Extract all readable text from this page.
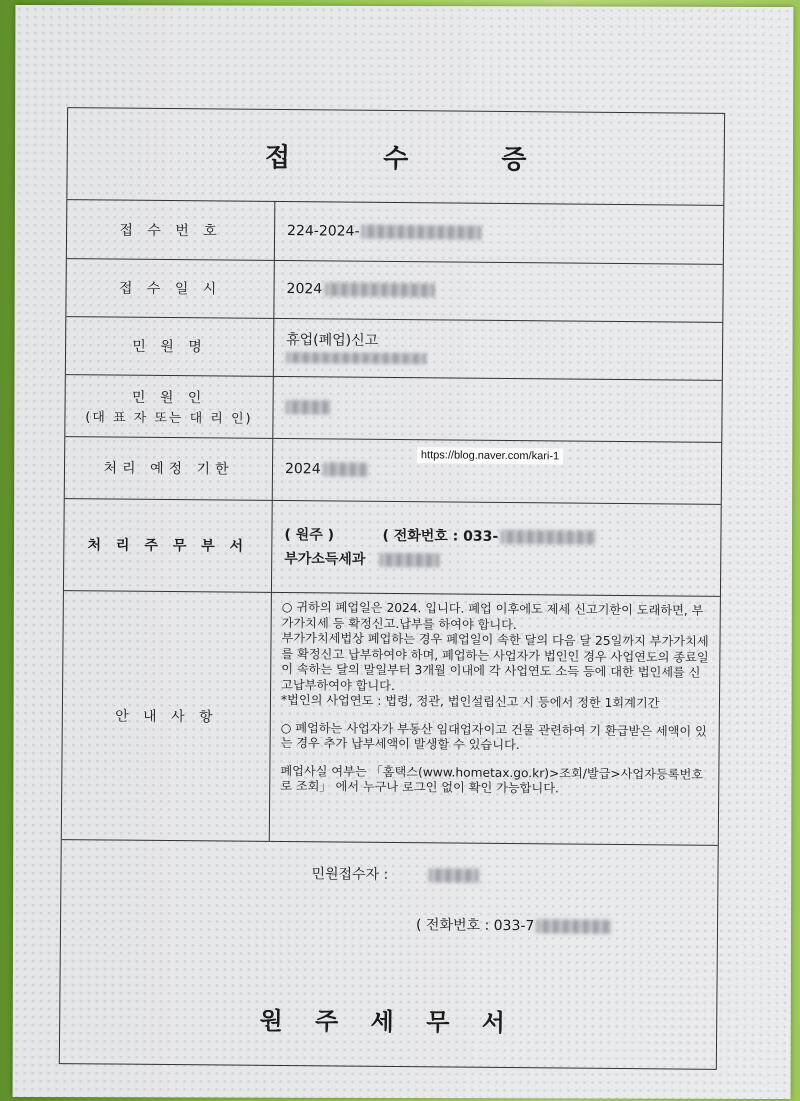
접 수 증
접 수 번 호	224-2024-
접 수 일 시	2024
민 원 명	휴업(폐업)신고
민 원 인
(대 표 자 또는 대 리 인)
처리 예정 기한	2024
https://blog.naver.com/kari-1
처 리 주 무 부 서
( 원주 )	( 전화번호 : 033-
부가소득세과
안 내 사 항

○ 귀하의 폐업일은 2024. 입니다. 폐업 이후에도 제세 신고기한이 도래하면, 부가가치세 등 확정신고.납부를 하여야 합니다.

부가가치세법상 폐업하는 경우 폐업일이 속한 달의 다음 달 25일까지 부가가치세를 확정신고 납부하여야 하며, 폐업하는 사업자가 법인인 경우 사업연도의 종료일이 속하는 달의 말일부터 3개월 이내에 각 사업연도 소득 등에 대한 법인세를 신고납부하여야 합니다.

*법인의 사업연도 : 법령, 정관, 법인설립신고 시 등에서 정한 1회계기간

○ 폐업하는 사업자가 부동산 임대업자이고 건물 관련하여 기 환급받은 세액이 있는 경우 추가 납부세액이 발생할 수 있습니다.

폐업사실 여부는 「홈택스(www.hometax.go.kr)>조회/발급>사업자등록번호로 조회」 에서 누구나 로그인 없이 확인 가능합니다.

민원접수자 :
( 전화번호 : 033-7
원 주 세 무 서
